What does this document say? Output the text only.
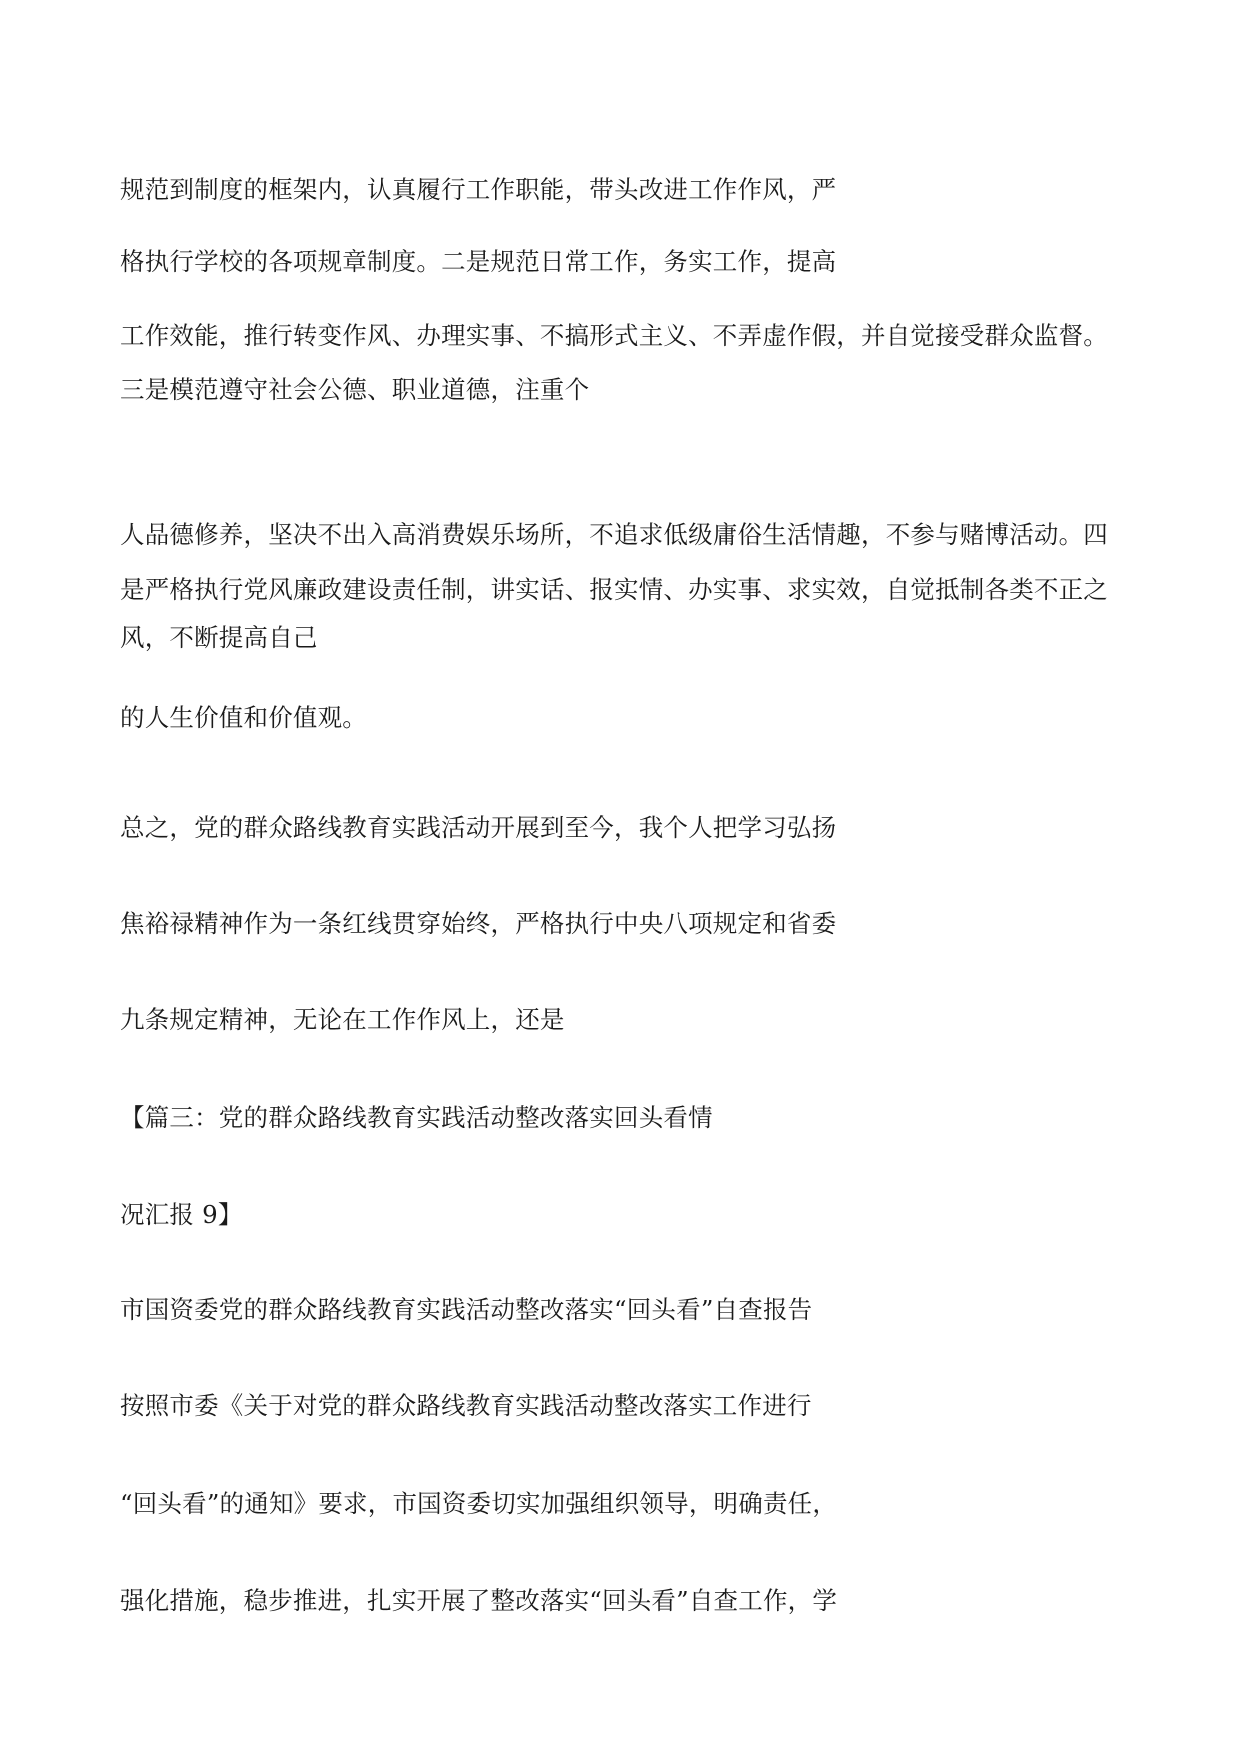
规范到制度的框架内，认真履行工作职能，带头改进工作作风，严
格执行学校的各项规章制度。二是规范日常工作，务实工作，提高
工作效能，推行转变作风、办理实事、不搞形式主义、不弄虚作假，并自觉接受群众监督。
三是模范遵守社会公德、职业道德，注重个
人品德修养，坚决不出入高消费娱乐场所，不追求低级庸俗生活情趣，不参与赌博活动。四
是严格执行党风廉政建设责任制，讲实话、报实情、办实事、求实效，自觉抵制各类不正之
风，不断提高自己
的人生价值和价值观。
总之，党的群众路线教育实践活动开展到至今，我个人把学习弘扬
焦裕禄精神作为一条红线贯穿始终，严格执行中央八项规定和省委
九条规定精神，无论在工作作风上，还是
【篇三：党的群众路线教育实践活动整改落实回头看情
况汇报 9】
市国资委党的群众路线教育实践活动整改落实“回头看”自查报告
按照市委《关于对党的群众路线教育实践活动整改落实工作进行
“回头看”的通知》要求，市国资委切实加强组织领导，明确责任，
强化措施，稳步推进，扎实开展了整改落实“回头看”自查工作，学
